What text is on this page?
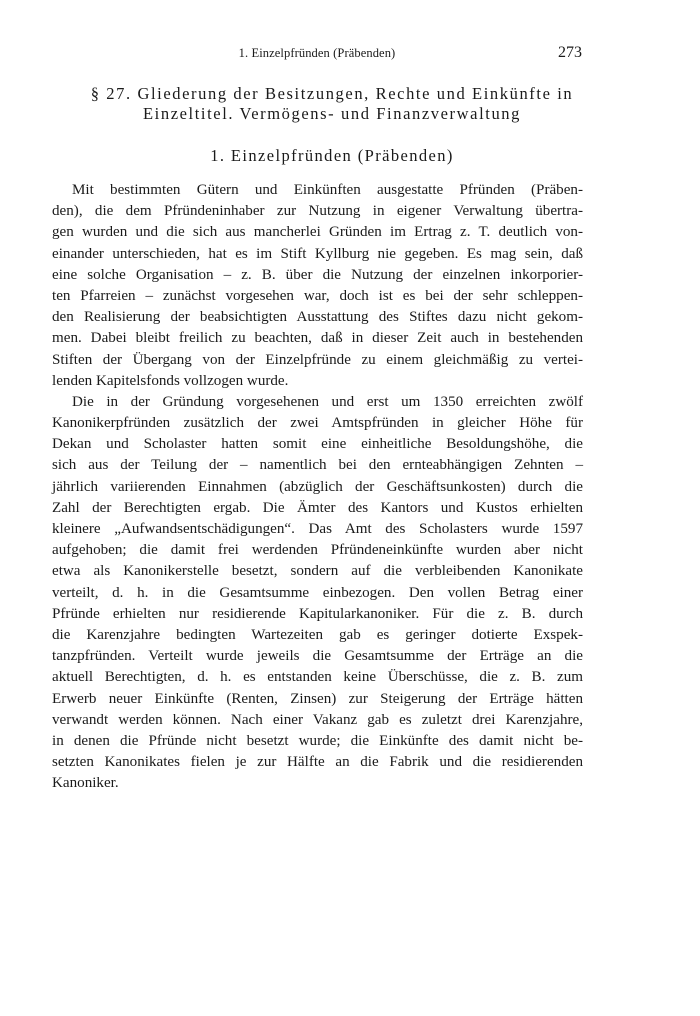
1. Einzelpfründen (Präbenden)	273
§ 27. Gliederung der Besitzungen, Rechte und Einkünfte in
Einzeltitel. Vermögens- und Finanzverwaltung
1. Einzelpfründen (Präbenden)
Mit bestimmten Gütern und Einkünften ausgestatte Pfründen (Präben-
den), die dem Pfründeninhaber zur Nutzung in eigener Verwaltung übertra-
gen wurden und die sich aus mancherlei Gründen im Ertrag z. T. deutlich von-
einander unterschieden, hat es im Stift Kyllburg nie gegeben. Es mag sein, daß
eine solche Organisation – z. B. über die Nutzung der einzelnen inkorporier-
ten Pfarreien – zunächst vorgesehen war, doch ist es bei der sehr schleppen-
den Realisierung der beabsichtigten Ausstattung des Stiftes dazu nicht gekom-
men. Dabei bleibt freilich zu beachten, daß in dieser Zeit auch in bestehenden
Stiften der Übergang von der Einzelpfründe zu einem gleichmäßig zu vertei-
lenden Kapitelsfonds vollzogen wurde.
Die in der Gründung vorgesehenen und erst um 1350 erreichten zwölf
Kanonikerpfründen zusätzlich der zwei Amtspfründen in gleicher Höhe für
Dekan und Scholaster hatten somit eine einheitliche Besoldungshöhe, die
sich aus der Teilung der – namentlich bei den ernteabhängigen Zehnten –
jährlich variierenden Einnahmen (abzüglich der Geschäftsunkosten) durch die
Zahl der Berechtigten ergab. Die Ämter des Kantors und Kustos erhielten
kleinere „Aufwandsentschädigungen“. Das Amt des Scholasters wurde 1597
aufgehoben; die damit frei werdenden Pfründeneinkünfte wurden aber nicht
etwa als Kanonikerstelle besetzt, sondern auf die verbleibenden Kanonikate
verteilt, d. h. in die Gesamtsumme einbezogen. Den vollen Betrag einer
Pfründe erhielten nur residierende Kapitularkanoniker. Für die z. B. durch
die Karenzjahre bedingten Wartezeiten gab es geringer dotierte Exspek-
tanzpfründen. Verteilt wurde jeweils die Gesamtsumme der Erträge an die
aktuell Berechtigten, d. h. es entstanden keine Überschüsse, die z. B. zum
Erwerb neuer Einkünfte (Renten, Zinsen) zur Steigerung der Erträge hätten
verwandt werden können. Nach einer Vakanz gab es zuletzt drei Karenzjahre,
in denen die Pfründe nicht besetzt wurde; die Einkünfte des damit nicht be-
setzten Kanonikates fielen je zur Hälfte an die Fabrik und die residierenden
Kanoniker.
